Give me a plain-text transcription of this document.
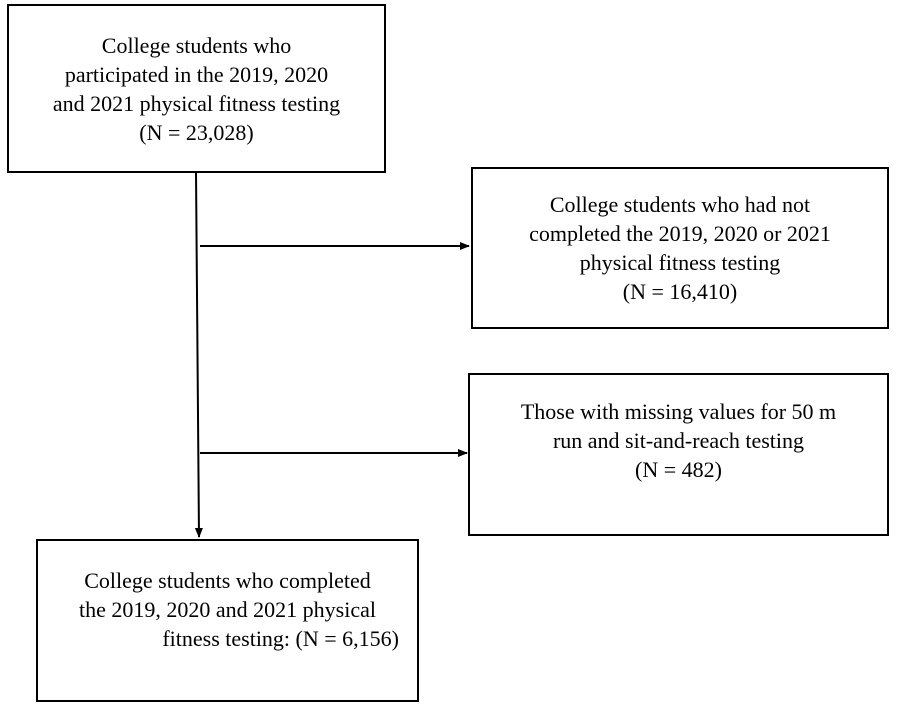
College students who
participated in the 2019, 2020
and 2021 physical fitness testing
(N = 23,028)
College students who had not
completed the 2019, 2020 or 2021
physical fitness testing
(N = 16,410)
Those with missing values for 50 m
run and sit-and-reach testing
(N = 482)
College students who completed
the 2019, 2020 and 2021 physical
fitness testing: (N = 6,156)
